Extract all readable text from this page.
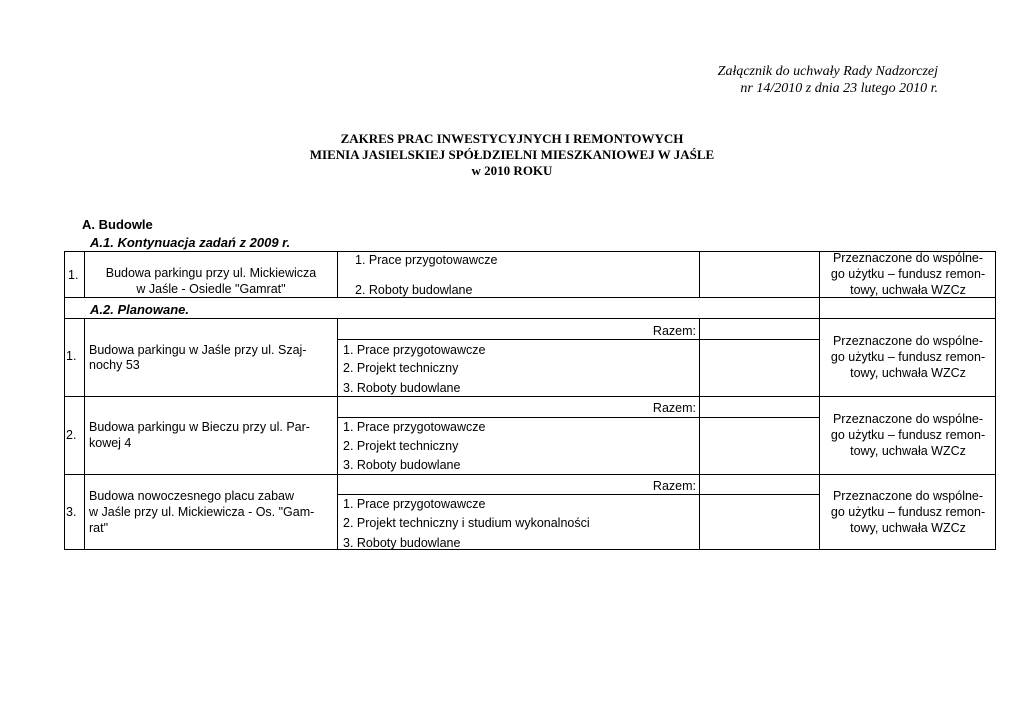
Załącznik do uchwały Rady Nadzorczej
nr 14/2010 z dnia 23 lutego 2010 r.
ZAKRES PRAC INWESTYCYJNYCH I REMONTOWYCH
MIENIA JASIELSKIEJ SPÓŁDZIELNI MIESZKANIOWEJ W JAŚLE
w 2010 ROKU
A. Budowle
A.1. Kontynuacja zadań z 2009 r.
1.	Budowa parkingu przy ul. Mickiewicza
w Jaśle - Osiedle "Gamrat"
1. Prace przygotowawcze
2. Roboty budowlane
Przeznaczone do wspólne-
go użytku – fundusz remon-
towy, uchwała WZCz
A.2. Planowane.
Razem:
1. Budowa parkingu w Jaśle przy ul. Szaj-
nochy 53
1. Prace przygotowawcze
2. Projekt techniczny
3. Roboty budowlane
Przeznaczone do wspólne-
go użytku – fundusz remon-
towy, uchwała WZCz
Razem:
2.
Budowa parkingu w Bieczu przy ul. Par-
kowej 4
1. Prace przygotowawcze
2. Projekt techniczny
3. Roboty budowlane
Przeznaczone do wspólne-
go użytku – fundusz remon-
towy, uchwała WZCz
Razem:
3.
Budowa nowoczesnego placu zabaw
w Jaśle przy ul. Mickiewicza - Os. "Gam-
rat"
1. Prace przygotowawcze
2. Projekt techniczny i studium wykonalności
3. Roboty budowlane
Przeznaczone do wspólne-
go użytku – fundusz remon-
towy, uchwała WZCz
